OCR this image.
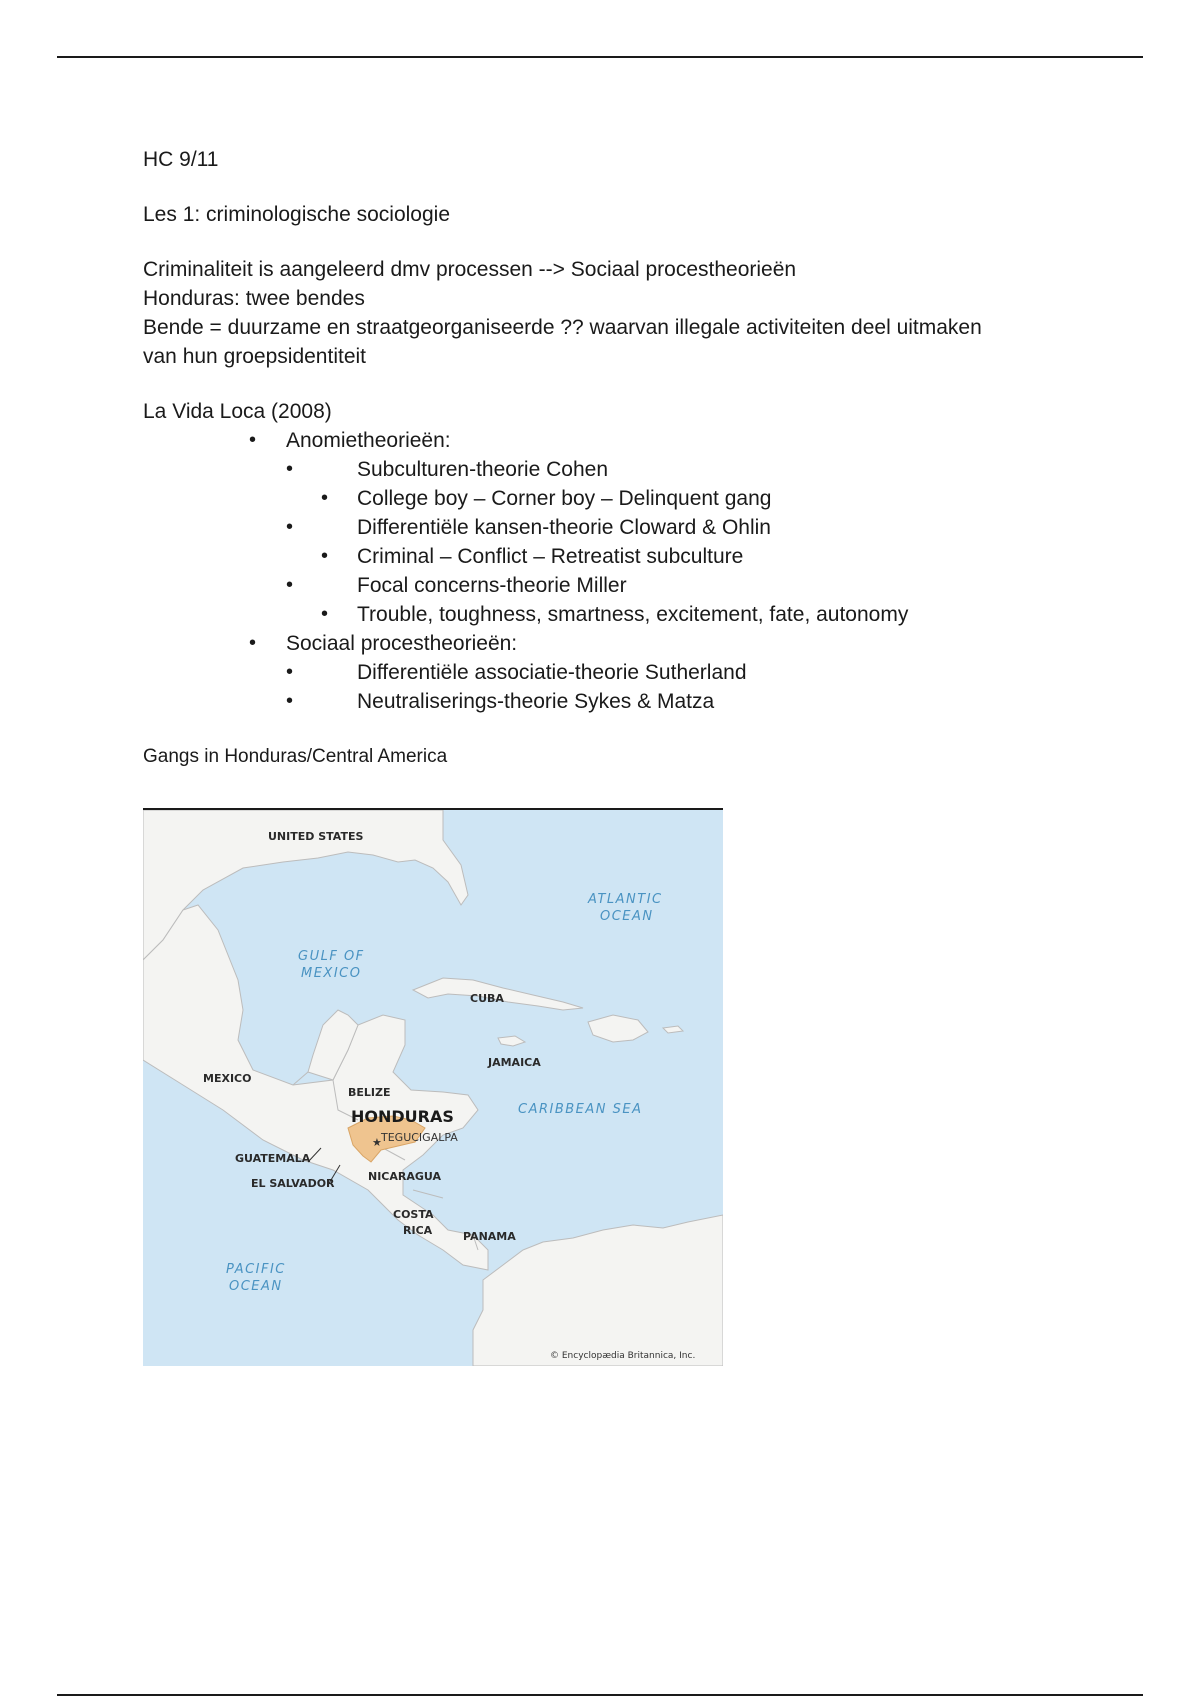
HC 9/11
Les 1: criminologische sociologie
Criminaliteit is aangeleerd dmv processen --> Sociaal procestheorieën
Honduras: twee bendes
Bende = duurzame en straatgeorganiseerde ?? waarvan illegale activiteiten deel uitmaken
van hun groepsidentiteit
La Vida Loca (2008)
• Anomietheorieën:
•	Subculturen-theorie Cohen
• College boy – Corner boy – Delinquent gang
•	Differentiële kansen-theorie Cloward & Ohlin
• Criminal – Conflict – Retreatist subculture
•	Focal concerns-theorie Miller
• Trouble, toughness, smartness, excitement, fate, autonomy
• Sociaal procestheorieën:
•	Differentiële associatie-theorie Sutherland
•	Neutraliserings-theorie Sykes & Matza
Gangs in Honduras/Central America
★
UNITED STATES
ATLANTIC
OCEAN
GULF OF
MEXICO
CUBA
JAMAICA
MEXICO
BELIZE
HONDURAS
TEGUCIGALPA
CARIBBEAN SEA
GUATEMALA
EL SALVADOR
NICARAGUA
COSTA
RICA	PANAMA
PACIFIC
OCEAN
© Encyclopædia Britannica, Inc.
